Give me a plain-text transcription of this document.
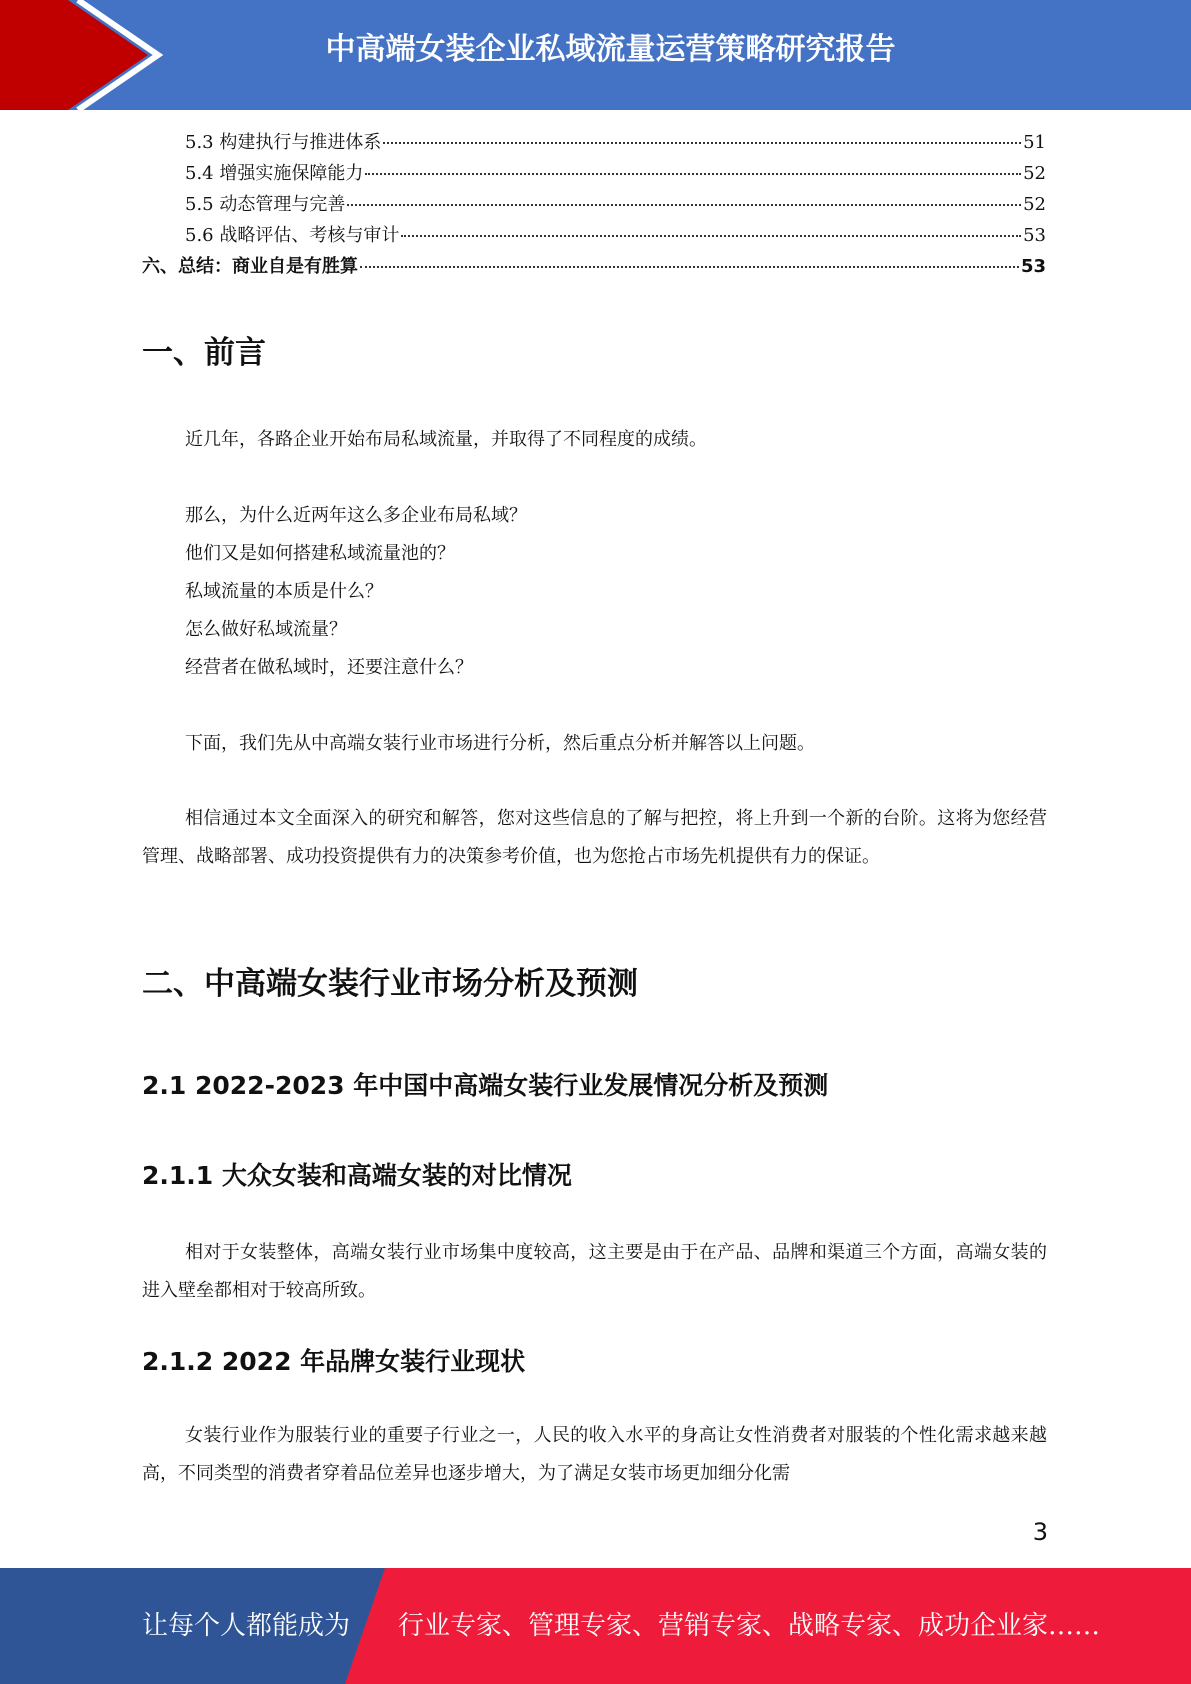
中高端女装企业私域流量运营策略研究报告
5.3 构建执行与推进体系	51
5.4 增强实施保障能力	52
5.5 动态管理与完善	52
5.6 战略评估、考核与审计	53
六、总结：商业自是有胜算	53
一、前言
近几年，各路企业开始布局私域流量，并取得了不同程度的成绩。
那么，为什么近两年这么多企业布局私域？
他们又是如何搭建私域流量池的？
私域流量的本质是什么？
怎么做好私域流量？
经营者在做私域时，还要注意什么？
下面，我们先从中高端女装行业市场进行分析，然后重点分析并解答以上问题。
相信通过本文全面深入的研究和解答，您对这些信息的了解与把控，将上升到一个新的台阶。这将为您经营管理、战略部署、成功投资提供有力的决策参考价值，也为您抢占市场先机提供有力的保证。
二、中高端女装行业市场分析及预测
2.1 2022-2023 年中国中高端女装行业发展情况分析及预测
2.1.1 大众女装和高端女装的对比情况
相对于女装整体，高端女装行业市场集中度较高，这主要是由于在产品、品牌和渠道三个方面，高端女装的进入壁垒都相对于较高所致。
2.1.2 2022 年品牌女装行业现状
女装行业作为服装行业的重要子行业之一，人民的收入水平的身高让女性消费者对服装的个性化需求越来越高，不同类型的消费者穿着品位差异也逐步增大，为了满足女装市场更加细分化需
3
让每个人都能成为 行业专家、管理专家、营销专家、战略专家、成功企业家……
